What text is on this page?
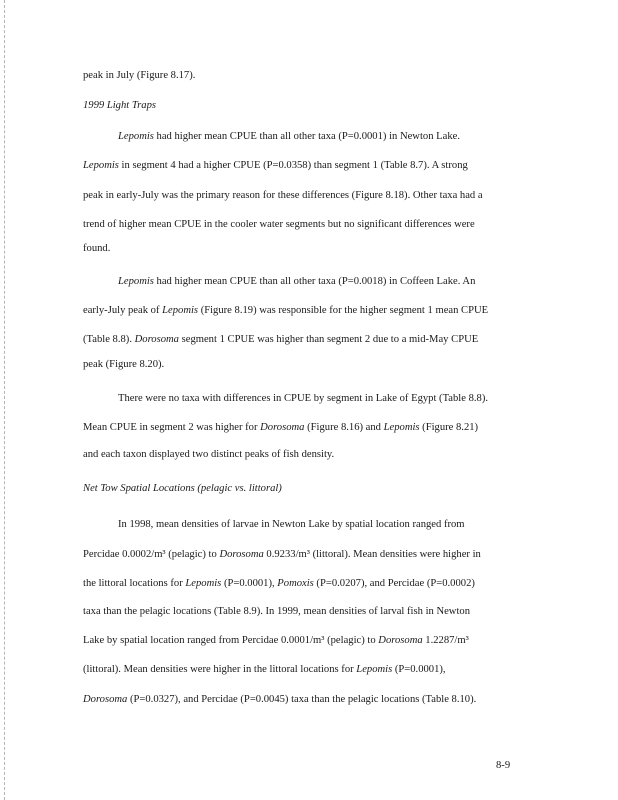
peak in July (Figure 8.17).
1999 Light Traps
Lepomis had higher mean CPUE than all other taxa (P=0.0001) in Newton Lake.
Lepomis in segment 4 had a higher CPUE (P=0.0358) than segment 1 (Table 8.7). A strong
peak in early-July was the primary reason for these differences (Figure 8.18). Other taxa had a
trend of higher mean CPUE in the cooler water segments but no significant differences were
found.
Lepomis had higher mean CPUE than all other taxa (P=0.0018) in Coffeen Lake. An
early-July peak of Lepomis (Figure 8.19) was responsible for the higher segment 1 mean CPUE
(Table 8.8). Dorosoma segment 1 CPUE was higher than segment 2 due to a mid-May CPUE
peak (Figure 8.20).
There were no taxa with differences in CPUE by segment in Lake of Egypt (Table 8.8).
Mean CPUE in segment 2 was higher for Dorosoma (Figure 8.16) and Lepomis (Figure 8.21)
and each taxon displayed two distinct peaks of fish density.
Net Tow Spatial Locations (pelagic vs. littoral)
In 1998, mean densities of larvae in Newton Lake by spatial location ranged from
Percidae 0.0002/m³ (pelagic) to Dorosoma 0.9233/m³ (littoral). Mean densities were higher in
the littoral locations for Lepomis (P=0.0001), Pomoxis (P=0.0207), and Percidae (P=0.0002)
taxa than the pelagic locations (Table 8.9). In 1999, mean densities of larval fish in Newton
Lake by spatial location ranged from Percidae 0.0001/m³ (pelagic) to Dorosoma 1.2287/m³
(littoral). Mean densities were higher in the littoral locations for Lepomis (P=0.0001),
Dorosoma (P=0.0327), and Percidae (P=0.0045) taxa than the pelagic locations (Table 8.10).
8-9
